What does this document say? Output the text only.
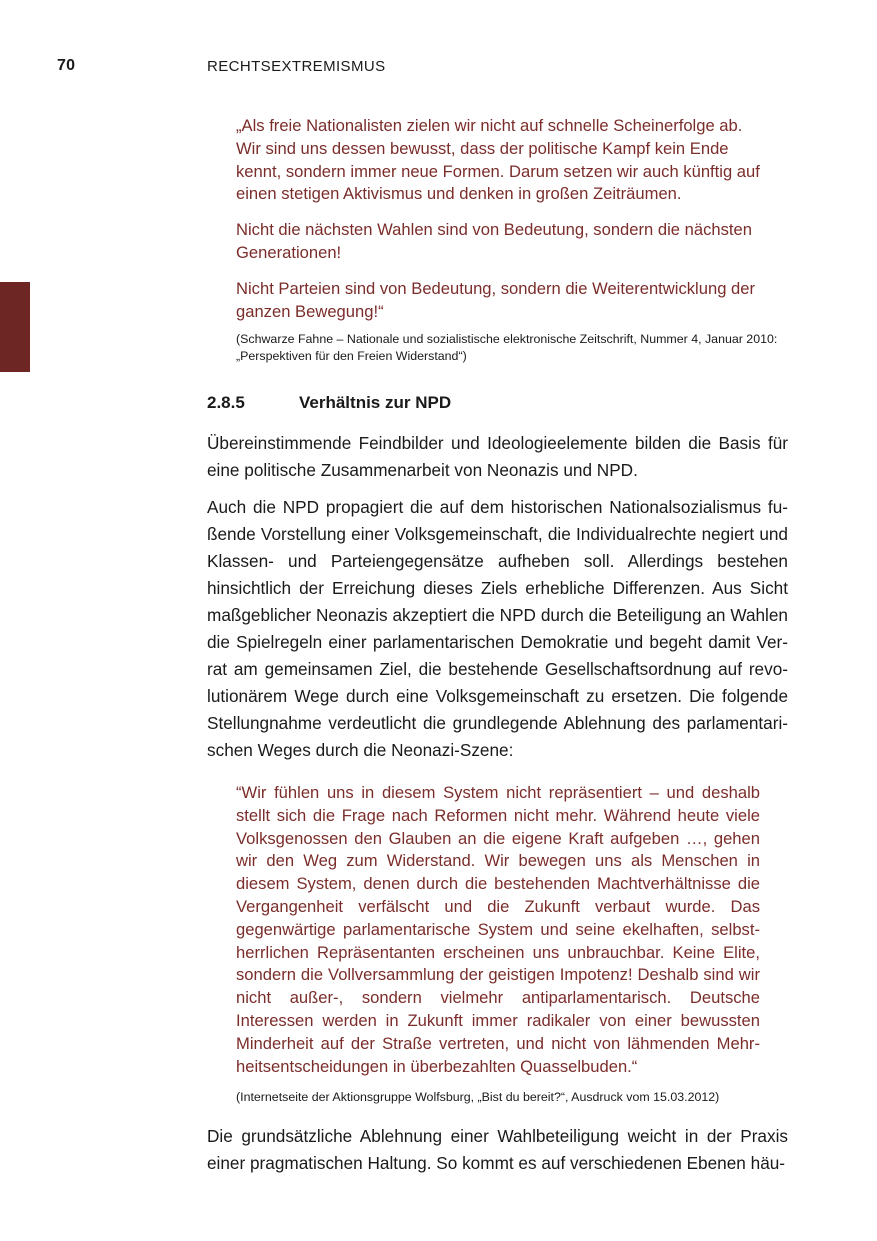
70	RECHTSEXTREMISMUS

„Als freie Nationalisten zielen wir nicht auf schnelle Scheinerfolge ab. Wir sind uns dessen bewusst, dass der politische Kampf kein Ende kennt, sondern immer neue Formen. Darum setzen wir auch künftig auf einen stetigen Aktivismus und denken in großen Zeiträumen.

Nicht die nächsten Wahlen sind von Bedeutung, sondern die nächsten Generationen!

Nicht Parteien sind von Bedeutung, sondern die Weiterentwicklung der ganzen Bewegung!“

(Schwarze Fahne – Nationale und sozialistische elektronische Zeitschrift, Nummer 4, Januar 2010: „Perspektiven für den Freien Widerstand“)
2.8.5	Verhältnis zur NPD

Übereinstimmende Feindbilder und Ideologieelemente bilden die Basis für eine politische Zusammenarbeit von Neonazis und NPD.

Auch die NPD propagiert die auf dem historischen Nationalsozialismus fußende Vorstellung einer Volksgemeinschaft, die Individualrechte negiert und Klassen- und Parteiengegensätze aufheben soll. Allerdings bestehen hinsichtlich der Erreichung dieses Ziels erhebliche Differenzen. Aus Sicht maßgeblicher Neonazis akzeptiert die NPD durch die Beteiligung an Wahlen die Spielregeln einer parlamentarischen Demokratie und begeht damit Verrat am gemeinsamen Ziel, die bestehende Gesellschaftsordnung auf revolutionärem Wege durch eine Volksgemeinschaft zu ersetzen. Die folgende Stellungnahme verdeutlicht die grundlegende Ablehnung des parlamentarischen Weges durch die Neonazi-Szene:

“Wir fühlen uns in diesem System nicht repräsentiert – und deshalb stellt sich die Frage nach Reformen nicht mehr. Während heute viele Volksgenossen den Glauben an die eigene Kraft aufgeben …, gehen wir den Weg zum Widerstand. Wir bewegen uns als Menschen in diesem System, denen durch die bestehenden Machtverhältnisse die Vergangenheit verfälscht und die Zukunft verbaut wurde. Das gegenwärtige parlamentarische System und seine ekelhaften, selbstherrlichen Repräsentanten erscheinen uns unbrauchbar. Keine Elite, sondern die Vollversammlung der geistigen Impotenz! Deshalb sind wir nicht außer-, sondern vielmehr antiparlamentarisch. Deutsche Interessen werden in Zukunft immer radikaler von einer bewussten Minderheit auf der Straße vertreten, und nicht von lähmenden Mehrheitsentscheidungen in überbezahlten Quasselbuden.“

(Internetseite der Aktionsgruppe Wolfsburg, „Bist du bereit?“, Ausdruck vom 15.03.2012)

Die grundsätzliche Ablehnung einer Wahlbeteiligung weicht in der Praxis einer pragmatischen Haltung. So kommt es auf verschiedenen Ebenen häu-
